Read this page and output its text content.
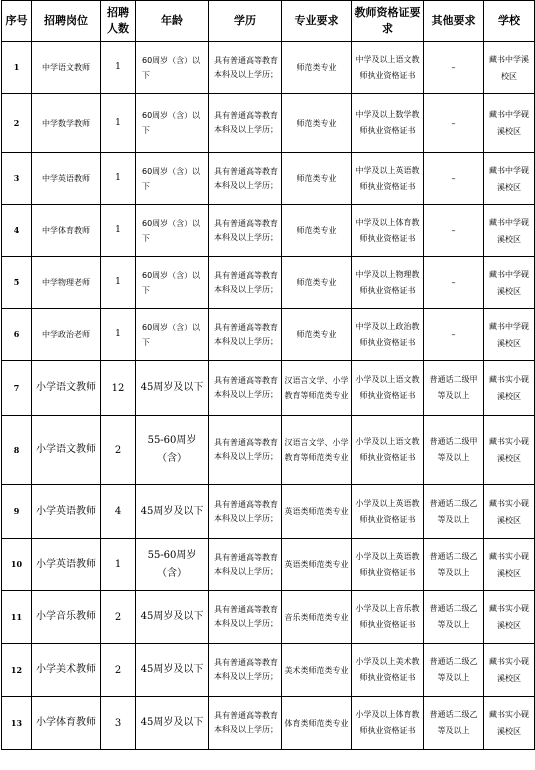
序号	招聘岗位	招聘人数	年龄	学历	专业要求	教师资格证要求	其他要求	学校
1	中学语文教师	1	60周岁（含）以下	具有普通高等教育本科及以上学历；	师范类专业	中学及以上语文教师执业资格证书	–	藏书中学溪校区
2	中学数学教师	1	60周岁（含）以下	具有普通高等教育本科及以上学历；	师范类专业	中学及以上数学教师执业资格证书	–	藏书中学砚溪校区
3	中学英语教师	1	60周岁（含）以下	具有普通高等教育本科及以上学历；	师范类专业	中学及以上英语教师执业资格证书	–	藏书中学砚溪校区
4	中学体育教师	1	60周岁（含）以下	具有普通高等教育本科及以上学历；	师范类专业	中学及以上体育教师执业资格证书	–	藏书中学砚溪校区
5	中学物理老师	1	60周岁（含）以下	具有普通高等教育本科及以上学历；	师范类专业	中学及以上物理教师执业资格证书	–	藏书中学砚溪校区
6	中学政治老师	1	60周岁（含）以下	具有普通高等教育本科及以上学历；	师范类专业	中学及以上政治教师执业资格证书	–	藏书中学砚溪校区
7	小学语文教师	12	45周岁及以下	具有普通高等教育本科及以上学历；	汉语言文学、小学教育等师范类专业	小学及以上语文教师执业资格证书	普通话二级甲等及以上	藏书实小砚溪校区
8	小学语文教师	2	55-60周岁（含）	具有普通高等教育本科及以上学历；	汉语言文学、小学教育等师范类专业	小学及以上语文教师执业资格证书	普通话二级甲等及以上	藏书实小砚溪校区
9	小学英语教师	4	45周岁及以下	具有普通高等教育本科及以上学历；	英语类师范类专业	小学及以上英语教师执业资格证书	普通话二级乙等及以上	藏书实小砚溪校区
10	小学英语教师	1	55-60周岁（含）	具有普通高等教育本科及以上学历；	英语类师范类专业	小学及以上英语教师执业资格证书	普通话二级乙等及以上	藏书实小砚溪校区
11	小学音乐教师	2	45周岁及以下	具有普通高等教育本科及以上学历；	音乐类师范类专业	小学及以上音乐教师执业资格证书	普通话二级乙等及以上	藏书实小砚溪校区
12	小学美术教师	2	45周岁及以下	具有普通高等教育本科及以上学历；	美术类师范类专业	小学及以上美术教师执业资格证书	普通话二级乙等及以上	藏书实小砚溪校区
13	小学体育教师	3	45周岁及以下	具有普通高等教育本科及以上学历；	体育类师范类专业	小学及以上体育教师执业资格证书	普通话二级乙等及以上	藏书实小砚溪校区
